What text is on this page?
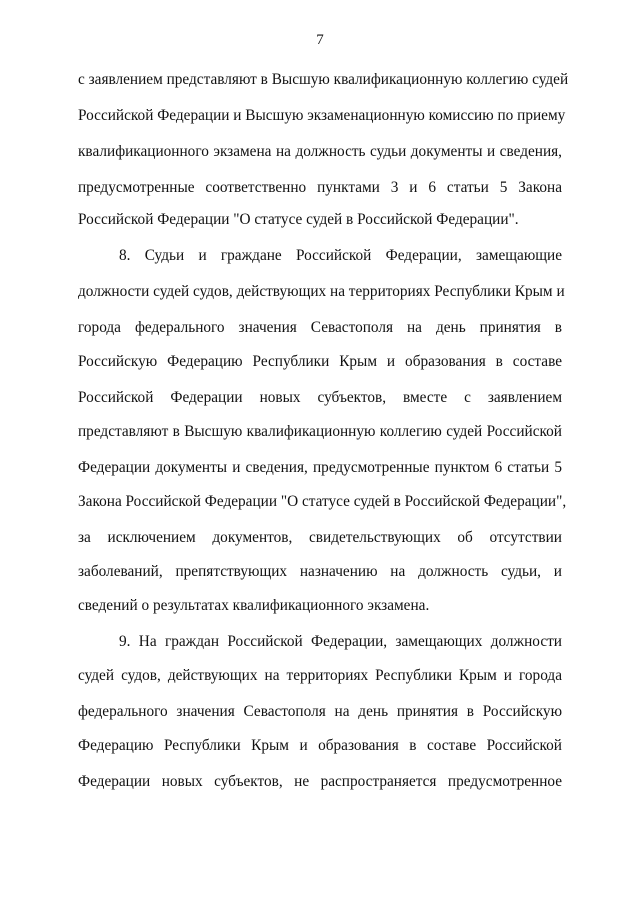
7
с заявлением представляют в Высшую квалификационную коллегию судей
Российской Федерации и Высшую экзаменационную комиссию по приему
квалификационного экзамена на должность судьи документы и сведения,
предусмотренные соответственно пунктами 3 и 6 статьи 5 Закона
Российской Федерации "О статусе судей в Российской Федерации".
8. Судьи и граждане Российской Федерации, замещающие
должности судей судов, действующих на территориях Республики Крым и
города федерального значения Севастополя на день принятия в
Российскую Федерацию Республики Крым и образования в составе
Российской Федерации новых субъектов, вместе с заявлением
представляют в Высшую квалификационную коллегию судей Российской
Федерации документы и сведения, предусмотренные пунктом 6 статьи 5
Закона Российской Федерации "О статусе судей в Российской Федерации",
за исключением документов, свидетельствующих об отсутствии
заболеваний, препятствующих назначению на должность судьи, и
сведений о результатах квалификационного экзамена.
9. На граждан Российской Федерации, замещающих должности
судей судов, действующих на территориях Республики Крым и города
федерального значения Севастополя на день принятия в Российскую
Федерацию Республики Крым и образования в составе Российской
Федерации новых субъектов, не распространяется предусмотренное
